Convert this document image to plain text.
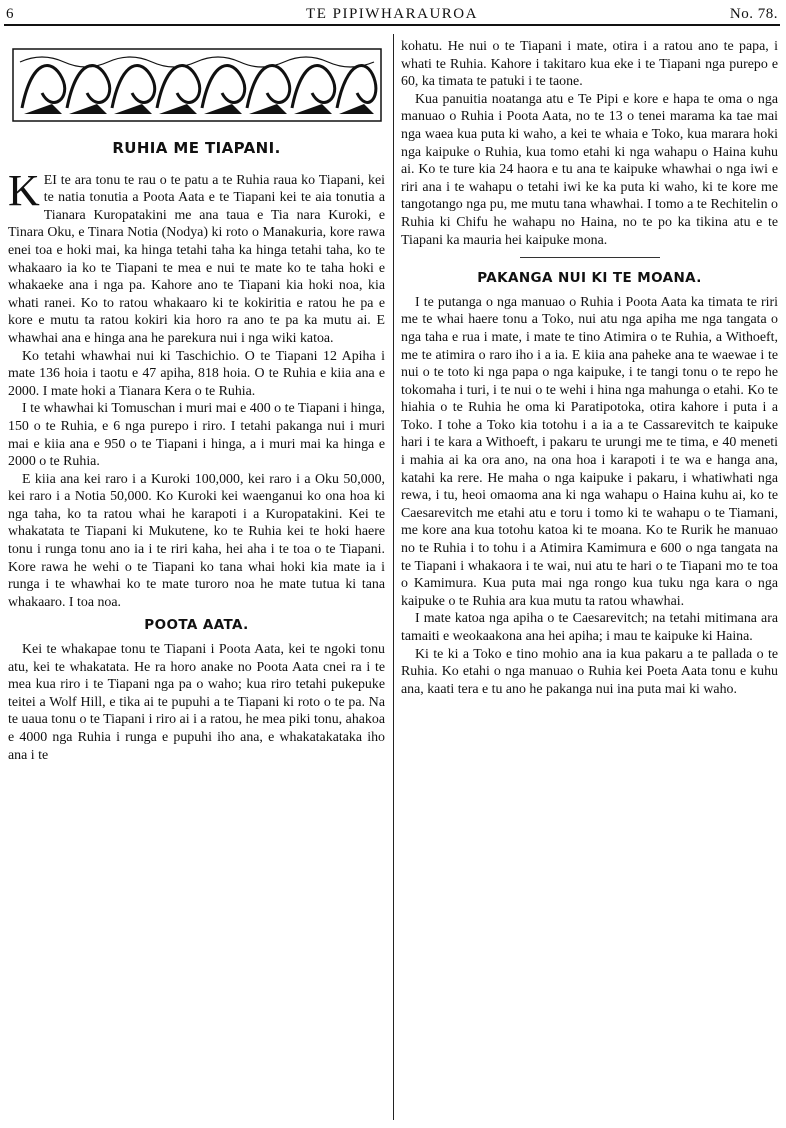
6	TE PIPIWHARAUROA	No. 78.
RUHIA ME TIAPANI.

KEI te ara tonu te rau o te patu a te Ruhia raua ko Tiapani, kei te natia tonutia a Poota Aata e te Tiapani kei te aia tonutia a Tianara Kuropatakini me ana taua e Tia nara Kuroki, e Tinara Oku, e Tinara Notia (Nodya) ki roto o Manakuria, kore rawa enei toa e hoki mai, ka hinga tetahi taha ka hinga tetahi taha, ko te whakaaro ia ko te Tiapani te mea e nui te mate ko te taha hoki e whakaeke ana i nga pa. Kahore ano te Tiapani kia hoki noa, kia whati ranei. Ko to ratou whakaaro ki te kokiritia e ratou he pa e kore e mutu ta ratou kokiri kia horo ra ano te pa ka mutu ai. E whawhai ana e hinga ana he parekura nui i nga wiki katoa.

Ko tetahi whawhai nui ki Taschichio. O te Tiapani 12 Apiha i mate 136 hoia i taotu e 47 apiha, 818 hoia. O te Ruhia e kiia ana e 2000. I mate hoki a Tianara Kera o te Ruhia.

I te whawhai ki Tomuschan i muri mai e 400 o te Tiapani i hinga, 150 o te Ruhia, e 6 nga purepo i riro. I tetahi pakanga nui i muri mai e kiia ana e 950 o te Tiapani i hinga, a i muri mai ka hinga e 2000 o te Ruhia.

E kiia ana kei raro i a Kuroki 100,000, kei raro i a Oku 50,000, kei raro i a Notia 50,000. Ko Kuroki kei waenganui ko ona hoa ki nga taha, ko ta ratou whai he karapoti i a Kuropatakini. Kei te whakatata te Tiapani ki Mukutene, ko te Ruhia kei te hoki haere tonu i runga tonu ano ia i te riri kaha, hei aha i te toa o te Tiapani. Kore rawa he wehi o te Tiapani ko tana whai hoki kia mate ia i runga i te whawhai ko te mate turoro noa he mate tutua ki tana whakaaro. I toa noa.

POOTA AATA.

Kei te whakapae tonu te Tiapani i Poota Aata, kei te ngoki tonu atu, kei te whakatata. He ra horo anake no Poota Aata cnei ra i te mea kua riro i te Tiapani nga pa o waho; kua riro tetahi pukepuke teitei a Wolf Hill, e tika ai te pupuhi a te Tiapani ki roto o te pa. Na te uaua tonu o te Tiapani i riro ai i a ratou, he mea piki tonu, ahakoa e 4000 nga Ruhia i runga e pupuhi iho ana, e whakatakataka iho ana i te

kohatu. He nui o te Tiapani i mate, otira i a ratou ano te papa, i whati te Ruhia. Kahore i takitaro kua eke i te Tiapani nga purepo e 60, ka timata te patuki i te taone.

Kua panuitia noatanga atu e Te Pipi e kore e hapa te oma o nga manuao o Ruhia i Poota Aata, no te 13 o tenei marama ka tae mai nga waea kua puta ki waho, a kei te whaia e Toko, kua marara hoki nga kaipuke o Ruhia, kua tomo etahi ki nga wahapu o Haina kuhu ai. Ko te ture kia 24 haora e tu ana te kaipuke whawhai o nga iwi e riri ana i te wahapu o tetahi iwi ke ka puta ki waho, ki te kore me tangotango nga pu, me mutu tana whawhai. I tomo a te Rechitelin o Ruhia ki Chifu he wahapu no Haina, no te po ka tikina atu e te Tiapani ka mauria hei kaipuke mona.

PAKANGA NUI KI TE MOANA.

I te putanga o nga manuao o Ruhia i Poota Aata ka timata te riri me te whai haere tonu a Toko, nui atu nga apiha me nga tangata o nga taha e rua i mate, i mate te tino Atimira o te Ruhia, a Withoeft, me te atimira o raro iho i a ia. E kiia ana paheke ana te waewae i te nui o te toto ki nga papa o nga kaipuke, i te tangi tonu o te repo he tokomaha i turi, i te nui o te wehi i hina nga mahunga o etahi. Ko te hiahia o te Ruhia he oma ki Paratipotoka, otira kahore i puta i a Toko. I tohe a Toko kia totohu i a ia a te Cassarevitch te kaipuke hari i te kara a Withoeft, i pakaru te urungi me te tima, e 40 meneti i mahia ai ka ora ano, na ona hoa i karapoti i te wa e hanga ana, katahi ka rere. He maha o nga kaipuke i pakaru, i whatiwhati nga rewa, i tu, heoi omaoma ana ki nga wahapu o Haina kuhu ai, ko te Caesarevitch me etahi atu e toru i tomo ki te wahapu o te Tiamani, me kore ana kua totohu katoa ki te moana. Ko te Rurik he manuao no te Ruhia i to tohu i a Atimira Kamimura e 600 o nga tangata na te Tiapani i whakaora i te wai, nui atu te hari o te Tiapani mo te toa o Kamimura. Kua puta mai nga rongo kua tuku nga kara o nga kaipuke o te Ruhia ara kua mutu ta ratou whawhai.

I mate katoa nga apiha o te Caesarevitch; na tetahi mitimana ara tamaiti e weokaakona ana hei apiha; i mau te kaipuke ki Haina.

Ki te ki a Toko e tino mohio ana ia kua pakaru a te pallada o te Ruhia. Ko etahi o nga manuao o Ruhia kei Poeta Aata tonu e kuhu ana, kaati tera e tu ano he pakanga nui ina puta mai ki waho.
